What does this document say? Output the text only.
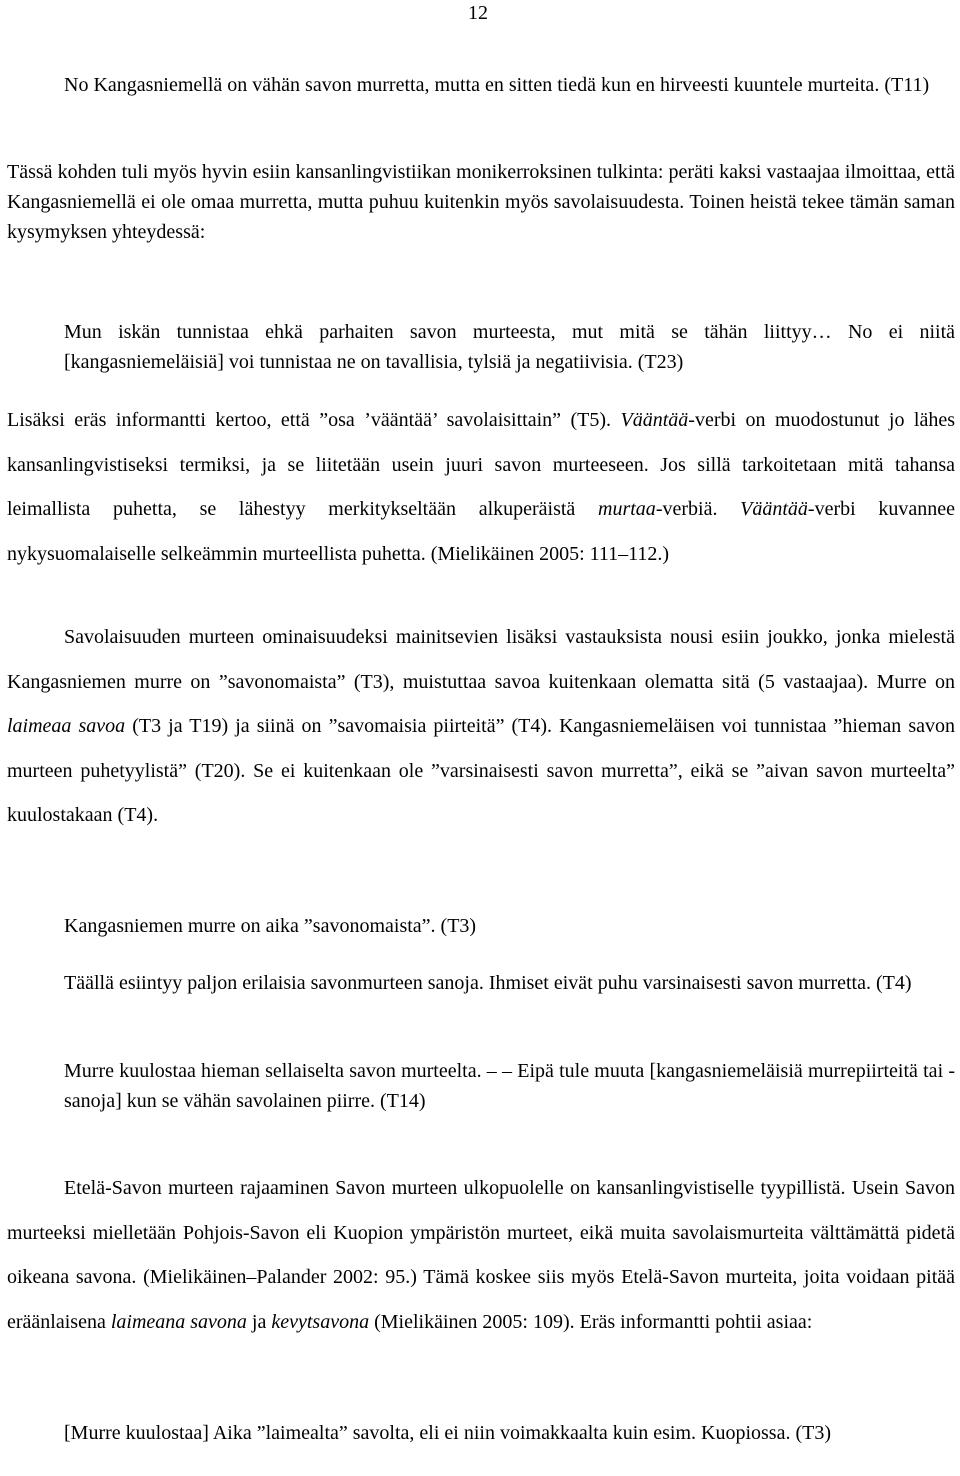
12

No Kangasniemellä on vähän savon murretta, mutta en sitten tiedä kun en hirveesti kuuntele murteita. (T11)

Tässä kohden tuli myös hyvin esiin kansanlingvistiikan monikerroksinen tulkinta: peräti kaksi vastaajaa ilmoittaa, että Kangasniemellä ei ole omaa murretta, mutta puhuu kuitenkin myös savolaisuudesta. Toinen heistä tekee tämän saman kysymyksen yhteydessä:

Mun iskän tunnistaa ehkä parhaiten savon murteesta, mut mitä se tähän liittyy… No ei niitä [kangasniemeläisiä] voi tunnistaa ne on tavallisia, tylsiä ja negatiivisia. (T23)

Lisäksi eräs informantti kertoo, että ”osa ’vääntää’ savolaisittain” (T5). Vääntää-verbi on muodostunut jo lähes kansanlingvistiseksi termiksi, ja se liitetään usein juuri savon murteeseen. Jos sillä tarkoitetaan mitä tahansa leimallista puhetta, se lähestyy merkitykseltään alkuperäistä murtaa-verbiä. Vääntää-verbi kuvannee nykysuomalaiselle selkeämmin murteellista puhetta. (Mielikäinen 2005: 111–112.)

Savolaisuuden murteen ominaisuudeksi mainitsevien lisäksi vastauksista nousi esiin joukko, jonka mielestä Kangasniemen murre on ”savonomaista” (T3), muistuttaa savoa kuitenkaan olematta sitä (5 vastaajaa). Murre on laimeaa savoa (T3 ja T19) ja siinä on ”savomaisia piirteitä” (T4). Kangasniemeläisen voi tunnistaa ”hieman savon murteen puhetyylistä” (T20). Se ei kuitenkaan ole ”varsinaisesti savon murretta”, eikä se ”aivan savon murteelta” kuulostakaan (T4).

Kangasniemen murre on aika ”savonomaista”. (T3)

Täällä esiintyy paljon erilaisia savonmurteen sanoja. Ihmiset eivät puhu varsinaisesti savon murretta. (T4)

Murre kuulostaa hieman sellaiselta savon murteelta. – – Eipä tule muuta [kangasniemeläisiä murrepiirteitä tai -sanoja] kun se vähän savolainen piirre. (T14)

Etelä-Savon murteen rajaaminen Savon murteen ulkopuolelle on kansanlingvistiselle tyypillistä. Usein Savon murteeksi mielletään Pohjois-Savon eli Kuopion ympäristön murteet, eikä muita savolaismurteita välttämättä pidetä oikeana savona. (Mielikäinen–Palander 2002: 95.) Tämä koskee siis myös Etelä-Savon murteita, joita voidaan pitää eräänlaisena laimeana savona ja kevytsavona (Mielikäinen 2005: 109). Eräs informantti pohtii asiaa:

[Murre kuulostaa] Aika ”laimealta” savolta, eli ei niin voimakkaalta kuin esim. Kuopiossa. (T3)
